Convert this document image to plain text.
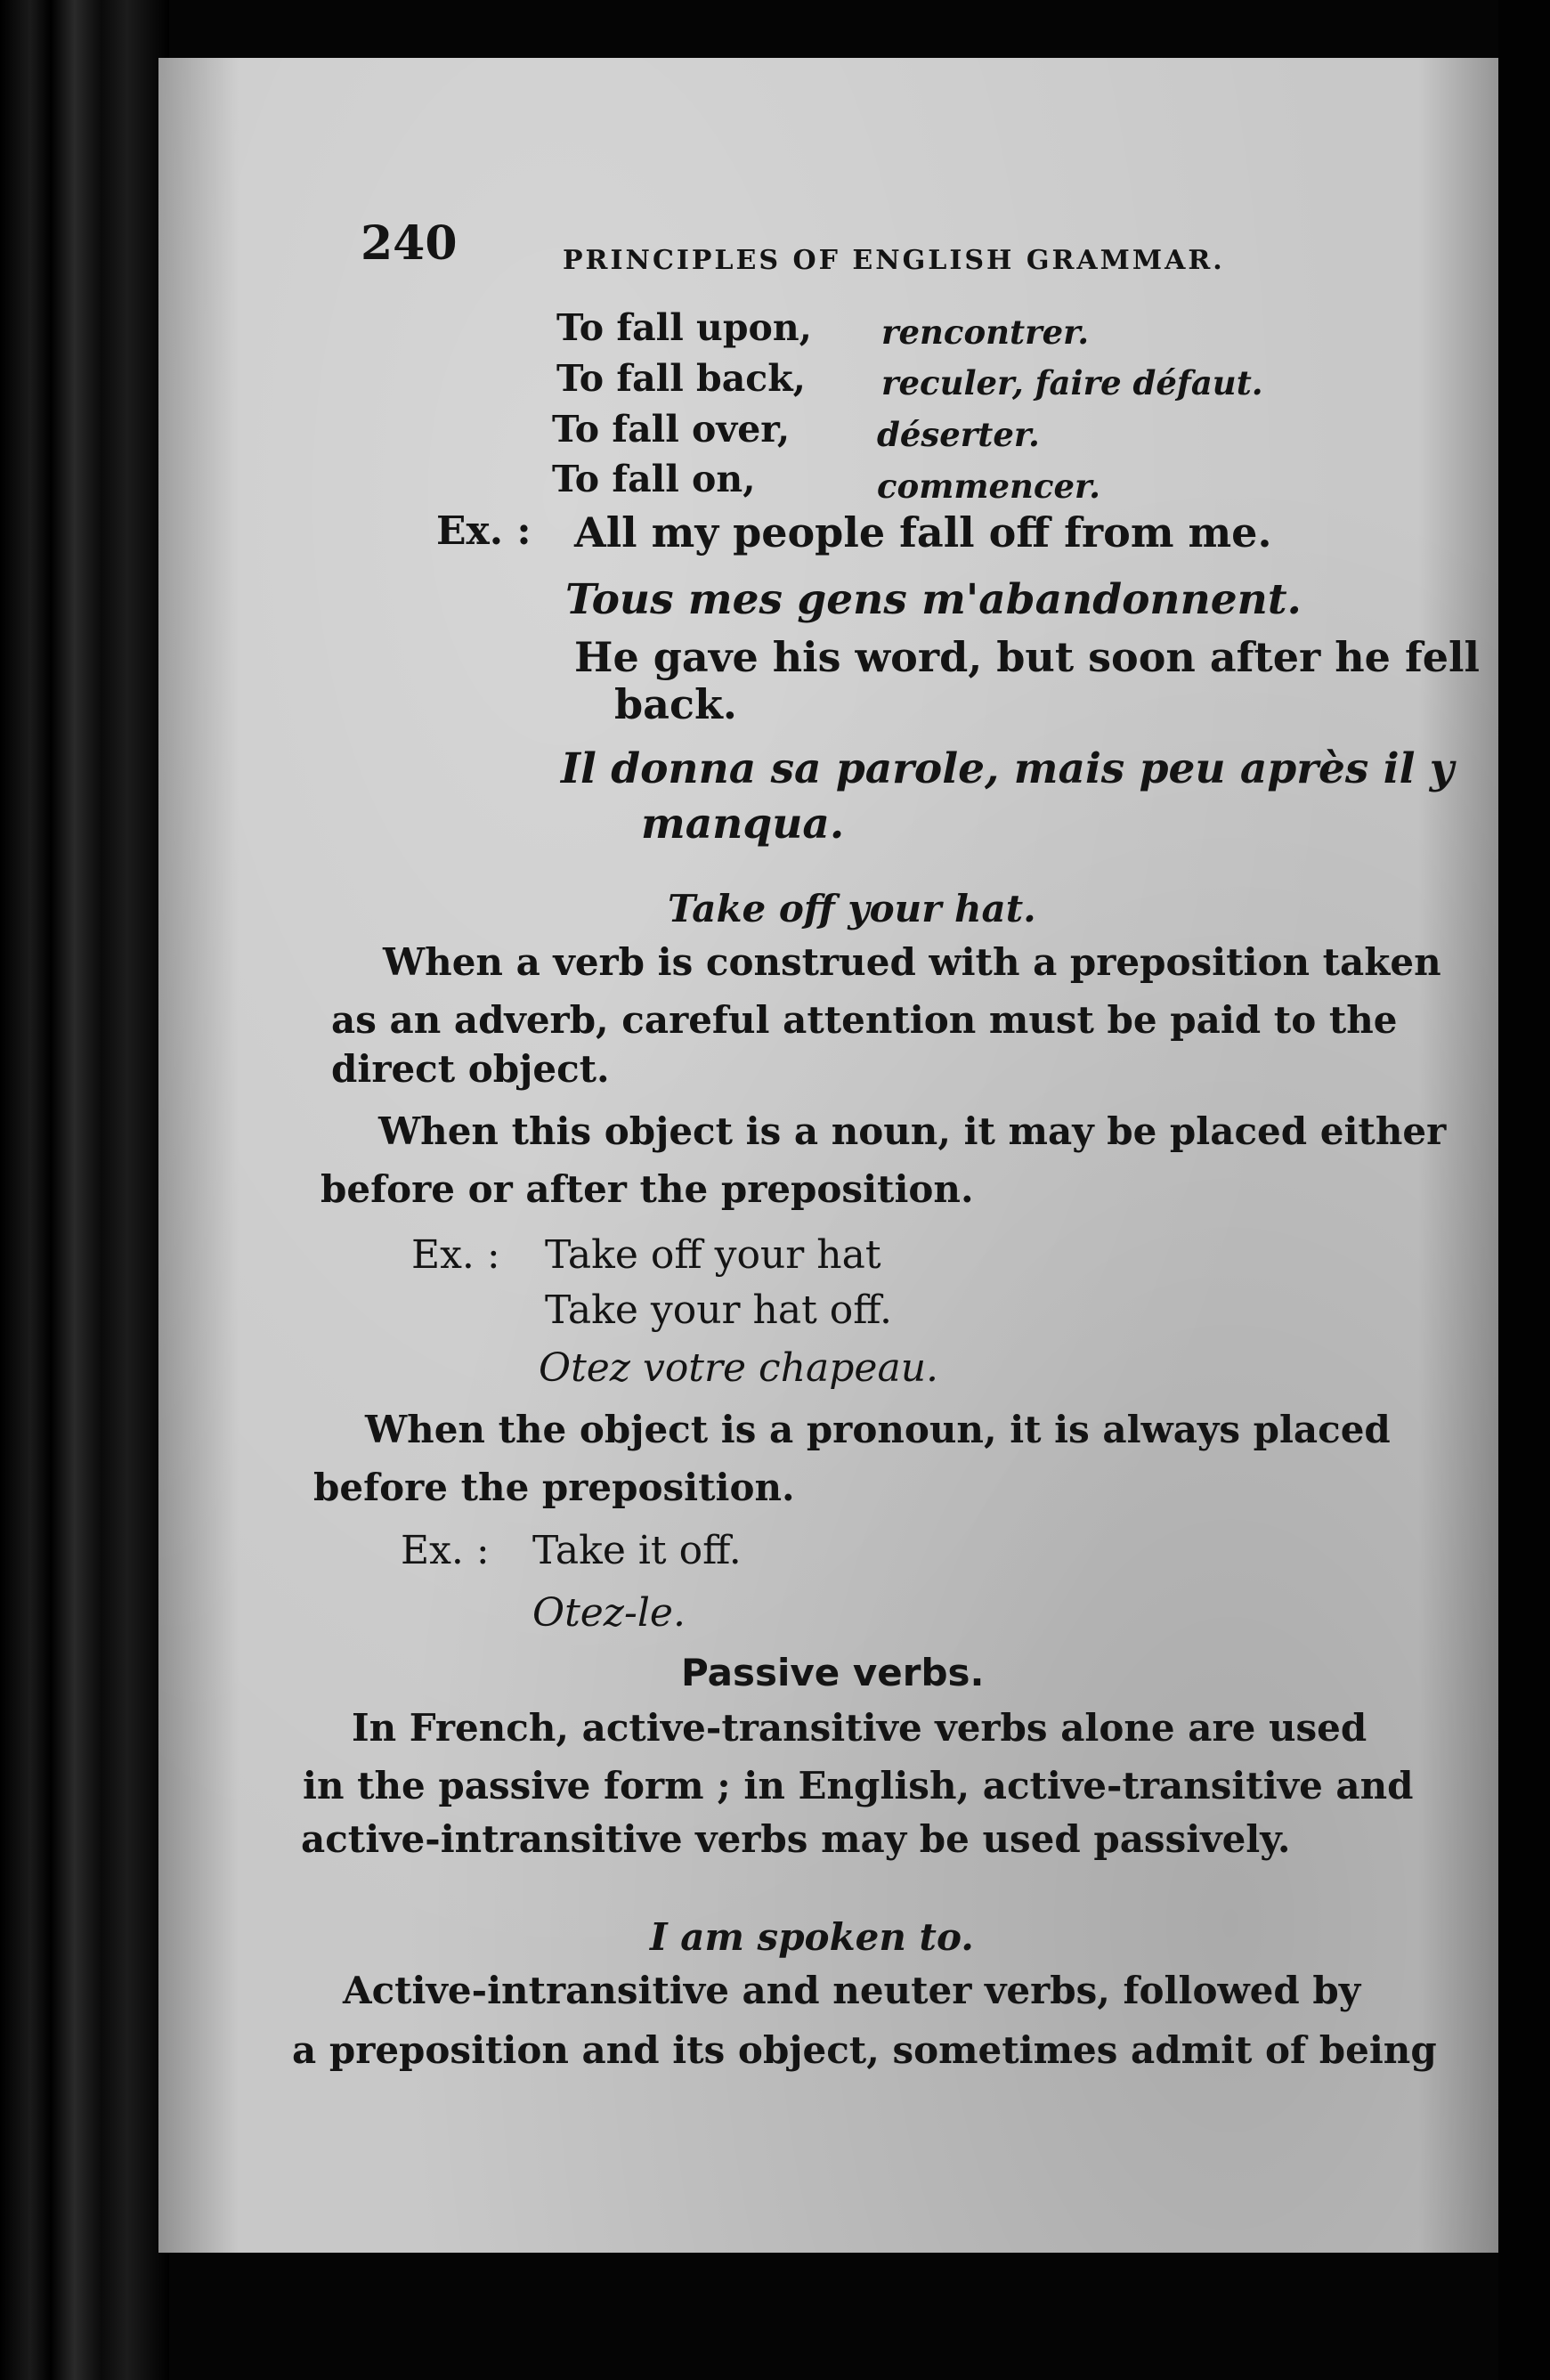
240	PRINCIPLES OF ENGLISH GRAMMAR.
To fall upon, rencontrer.
To fall back, reculer, faire défaut.
To fall over,	déserter.
To fall on,	commencer.
Ex. : All my people fall off from me.
Tous mes gens m'abandonnent.
He gave his word, but soon after he fell
back.
Il donna sa parole, mais peu après il y
manqua.
Take off your hat.
When a verb is construed with a preposition taken
as an adverb, careful attention must be paid to the
direct object.
When this object is a noun, it may be placed either
before or after the preposition.
Ex. : Take off your hat
Take your hat off.
Otez votre chapeau.
When the object is a pronoun, it is always placed
before the preposition.
Ex. : Take it off.
Otez-le.
Passive verbs.
In French, active-transitive verbs alone are used
in the passive form ; in English, active-transitive and
active-intransitive verbs may be used passively.
I am spoken to.
Active-intransitive and neuter verbs, followed by
a preposition and its object, sometimes admit of being
